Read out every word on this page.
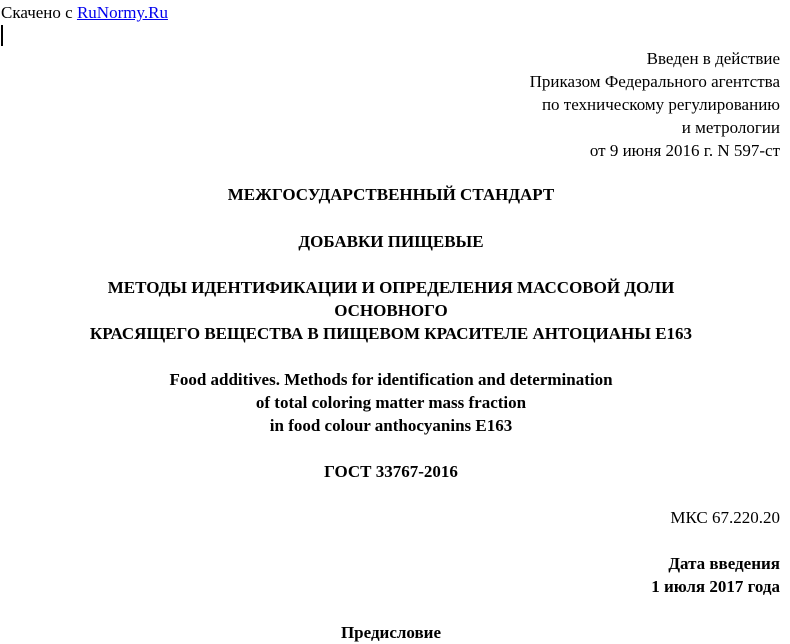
Скачено с RuNormy.Ru
Введен в действие
Приказом Федерального агентства
по техническому регулированию
и метрологии
от 9 июня 2016 г. N 597-ст
МЕЖГОСУДАРСТВЕННЫЙ СТАНДАРТ
ДОБАВКИ ПИЩЕВЫЕ
МЕТОДЫ ИДЕНТИФИКАЦИИ И ОПРЕДЕЛЕНИЯ МАССОВОЙ ДОЛИ
ОСНОВНОГО
КРАСЯЩЕГО ВЕЩЕСТВА В ПИЩЕВОМ КРАСИТЕЛЕ АНТОЦИАНЫ Е163
Food additives. Methods for identification and determination
of total coloring matter mass fraction
in food colour anthocyanins E163
ГОСТ 33767-2016
МКС 67.220.20
Дата введения
1 июля 2017 года
Предисловие
